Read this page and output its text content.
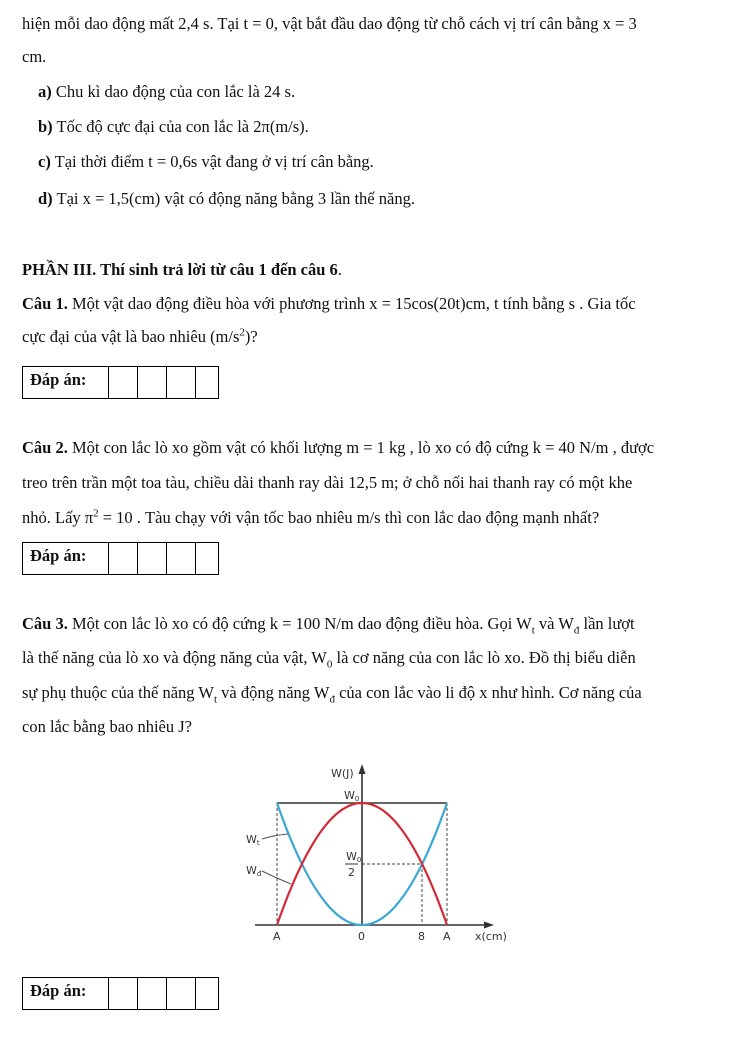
hiện mỗi dao động mất 2,4 s. Tại t = 0, vật bắt đầu dao động từ chỗ cách vị trí cân bằng x = 3
cm.
a) Chu kì dao động của con lắc là 24 s.
b) Tốc độ cực đại của con lắc là 2π(m/s).
c) Tại thời điểm t = 0,6s vật đang ở vị trí cân bằng.
d) Tại x = 1,5(cm) vật có động năng bằng 3 lần thế năng.
PHẦN III. Thí sinh trả lời từ câu 1 đến câu 6.
Câu 1. Một vật dao động điều hòa với phương trình x = 15cos(20t)cm, t tính bằng s . Gia tốc
cực đại của vật là bao nhiêu $(m/s^2)$?
Đáp án:
Câu 2. Một con lắc lò xo gồm vật có khối lượng m = 1 kg , lò xo có độ cứng k = 40 N/m , được
treo trên trần một toa tàu, chiều dài thanh ray dài 12,5 m; ở chỗ nối hai thanh ray có một khe
nhỏ. Lấy $\pi^2 = 10$ . Tàu chạy với vận tốc bao nhiêu m/s thì con lắc dao động mạnh nhất?
Đáp án:
Câu 3. Một con lắc lò xo có độ cứng k = 100 N/m dao động điều hòa. Gọi $W_t$ và $W_đ$ lần lượt
là thế năng của lò xo và động năng của vật, $W_0$ là cơ năng của con lắc lò xo. Đồ thị biểu diễn
sự phụ thuộc của thế năng $W_t$ và động năng $W_đ$ của con lắc vào li độ x như hình. Cơ năng của
con lắc bằng bao nhiêu J?
W(J)
W0
Wt
Wđ
W0
2
A	0	8 A x(cm)
Đáp án:
